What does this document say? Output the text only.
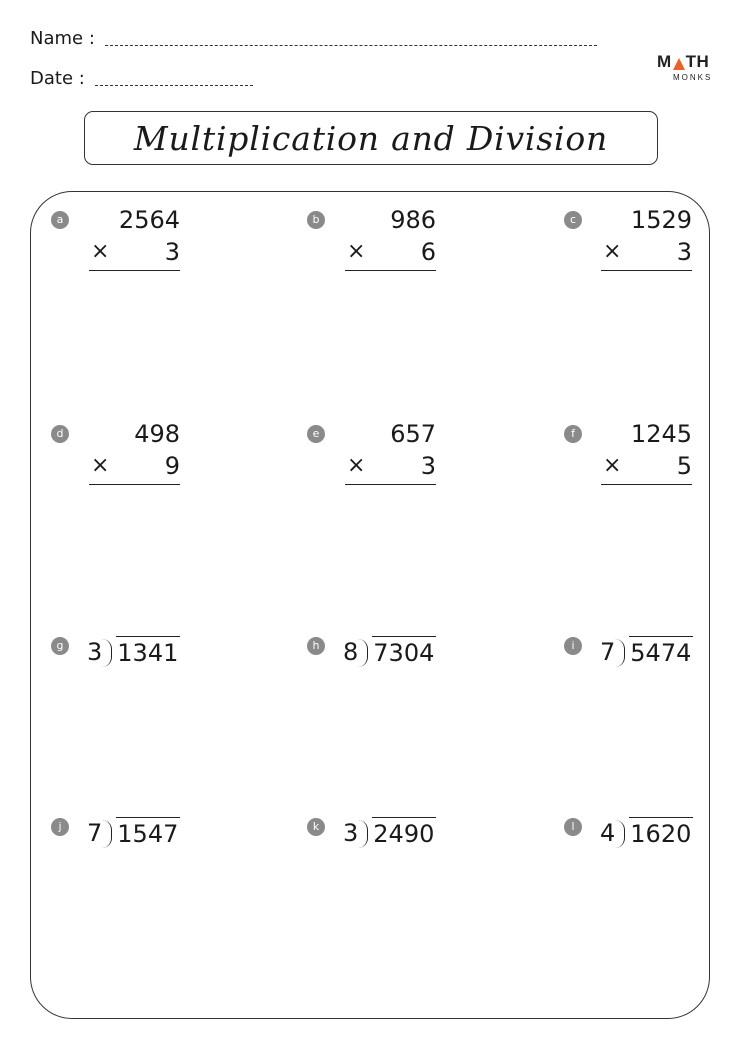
Name :
Date :
M TH
MONKS
Multiplication and Division
a	2564
× 3
b	986
× 6
c	1529
× 3
d	498
× 9
e	657
× 3
f	1245
× 5
g 3 1341	h 8 7304	i	7 5474
j	7 1547	k 3 2490	l	4 1620
